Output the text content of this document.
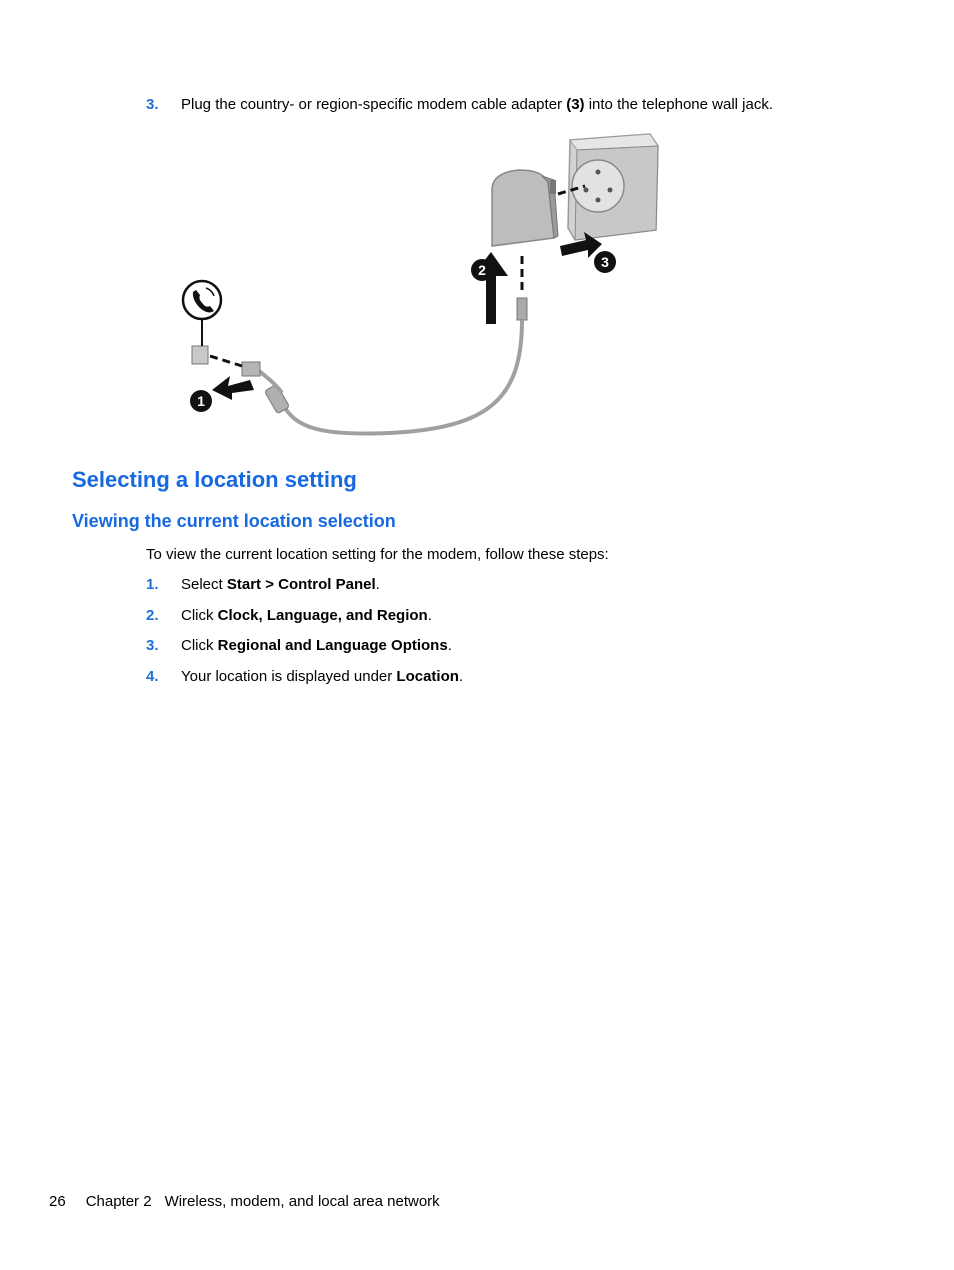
3. Plug the country- or region-specific modem cable adapter (3) into the telephone wall jack.
3
2
1
Selecting a location setting
Viewing the current location selection
To view the current location setting for the modem, follow these steps:
1. Select Start > Control Panel.
2. Click Clock, Language, and Region.
3. Click Regional and Language Options.
4. Your location is displayed under Location.
26 Chapter 2 Wireless, modem, and local area network
